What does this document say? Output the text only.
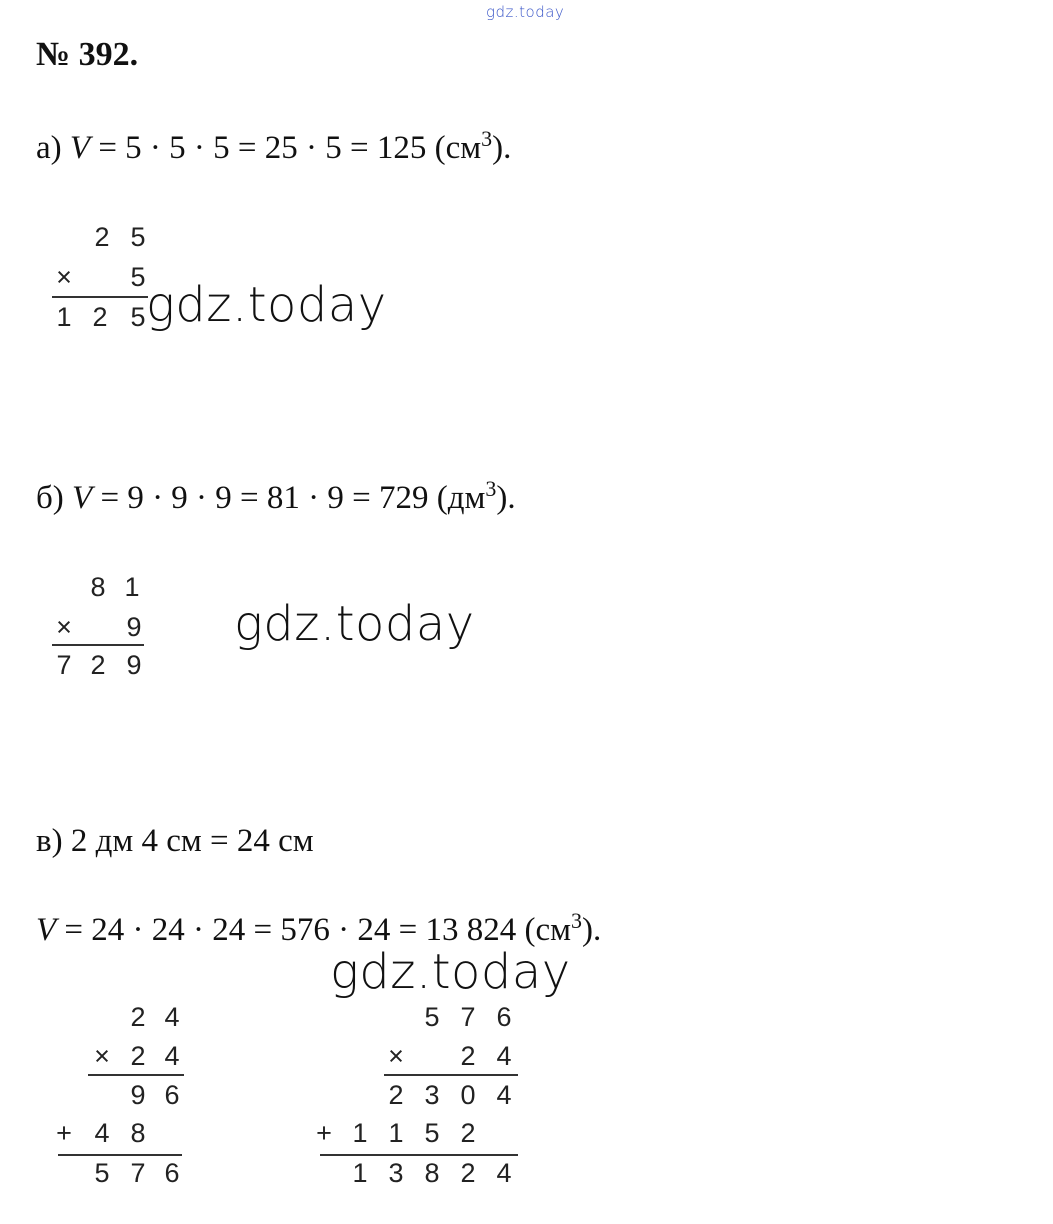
gdz.today
№ 392.
а) V = 5 · 5 · 5 = 25 · 5 = 125 $(см^3)$.
2 5
× 5
1 2 5 gdz.today
б) V = 9 · 9 · 9 = 81 · 9 = 729 $(дм^3)$.
8 1
× 9
7 2 9
gdz.today
в) 2 дм 4 см = 24 см
V = 24 · 24 · 24 = 576 · 24 = 13 824 $(см^3)$.
gdz.today
2 4
× 2 4
9 6
+ 4 8
5 7 6
5 7 6
× 2 4
2 3 0 4
+ 1 1 5 2
1 3 8 2 4
